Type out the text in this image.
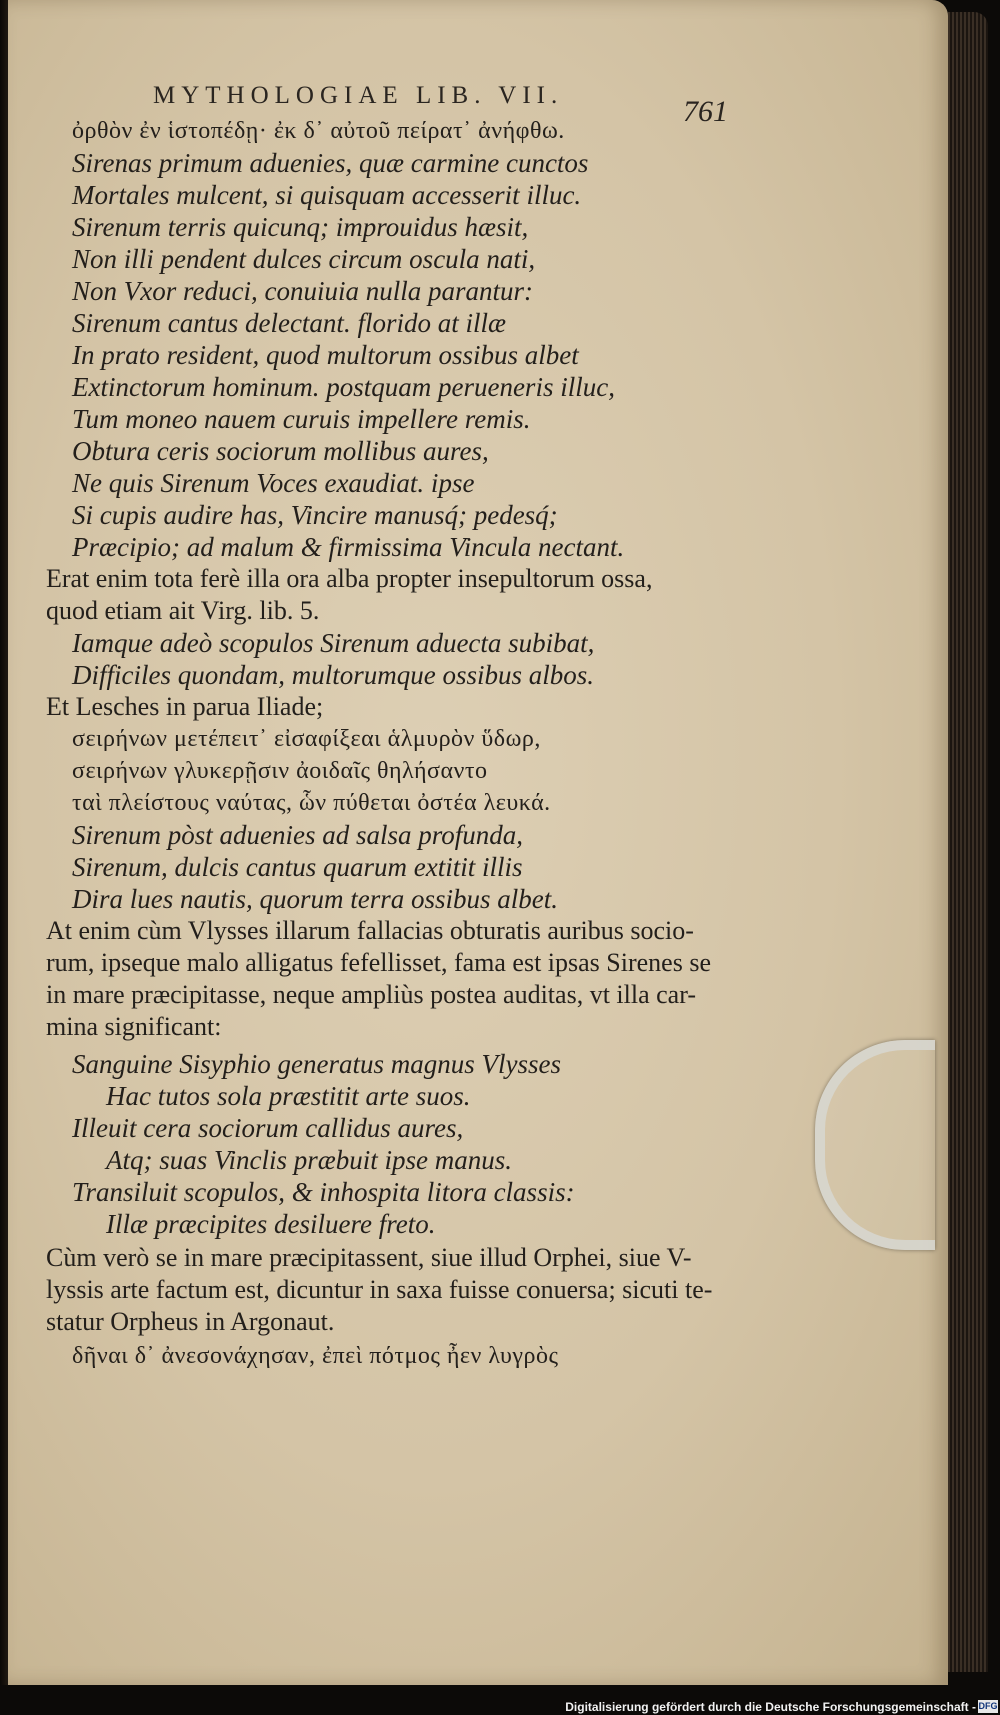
MYTHOLOGIAE LIB. VII.	761
ὀρθὸν ἐν ἱστοπέδῃ· ἐκ δ᾽ αὐτοῦ πείρατ᾽ ἀνήφθω.
Sirenas primum aduenies, quæ carmine cunctos
Mortales mulcent, si quisquam accesserit illuc.
Sirenum terris quicunq; improuidus hæsit,
Non illi pendent dulces circum oscula nati,
Non Vxor reduci, conuiuia nulla parantur:
Sirenum cantus delectant. florido at illæ
In prato resident, quod multorum ossibus albet
Extinctorum hominum. postquam perueneris illuc,
Tum moneo nauem curuis impellere remis.
Obtura ceris sociorum mollibus aures,
Ne quis Sirenum Voces exaudiat. ipse
Si cupis audire has, Vincire manusq́; pedesq́;
Præcipio; ad malum & firmissima Vincula nectant.
Erat enim tota ferè illa ora alba propter insepultorum ossa,
quod etiam ait Virg. lib. 5.
Iamque adeò scopulos Sirenum aduecta subibat,
Difficiles quondam, multorumque ossibus albos.
Et Lesches in parua Iliade;
σειρήνων μετέπειτ᾽ εἰσαφίξεαι ἁλμυρὸν ὕδωρ,
σειρήνων γλυκερῇσιν ἀοιδαῖς θηλήσαντο
ταὶ πλείστους ναύτας, ὧν πύθεται ὀστέα λευκά.
Sirenum pòst aduenies ad salsa profunda,
Sirenum, dulcis cantus quarum extitit illis
Dira lues nautis, quorum terra ossibus albet.
At enim cùm Vlysses illarum fallacias obturatis auribus socio-
rum, ipseque malo alligatus fefellisset, fama est ipsas Sirenes se
in mare præcipitasse, neque ampliùs postea auditas, vt illa car-
mina significant:
Sanguine Sisyphio generatus magnus Vlysses
Hac tutos sola præstitit arte suos.
Illeuit cera sociorum callidus aures,
Atq; suas Vinclis præbuit ipse manus.
Transiluit scopulos, & inhospita litora classis:
Illæ præcipites desiluere freto.
Cùm verò se in mare præcipitassent, siue illud Orphei, siue V-
lyssis arte factum est, dicuntur in saxa fuisse conuersa; sicuti te-
statur Orpheus in Argonaut.
δῆναι δ᾽ ἀνεσονάχησαν, ἐπεὶ πότμος ἦεν λυγρὸς
Digitalisierung gefördert durch die Deutsche Forschungsgemeinschaft - DFG
